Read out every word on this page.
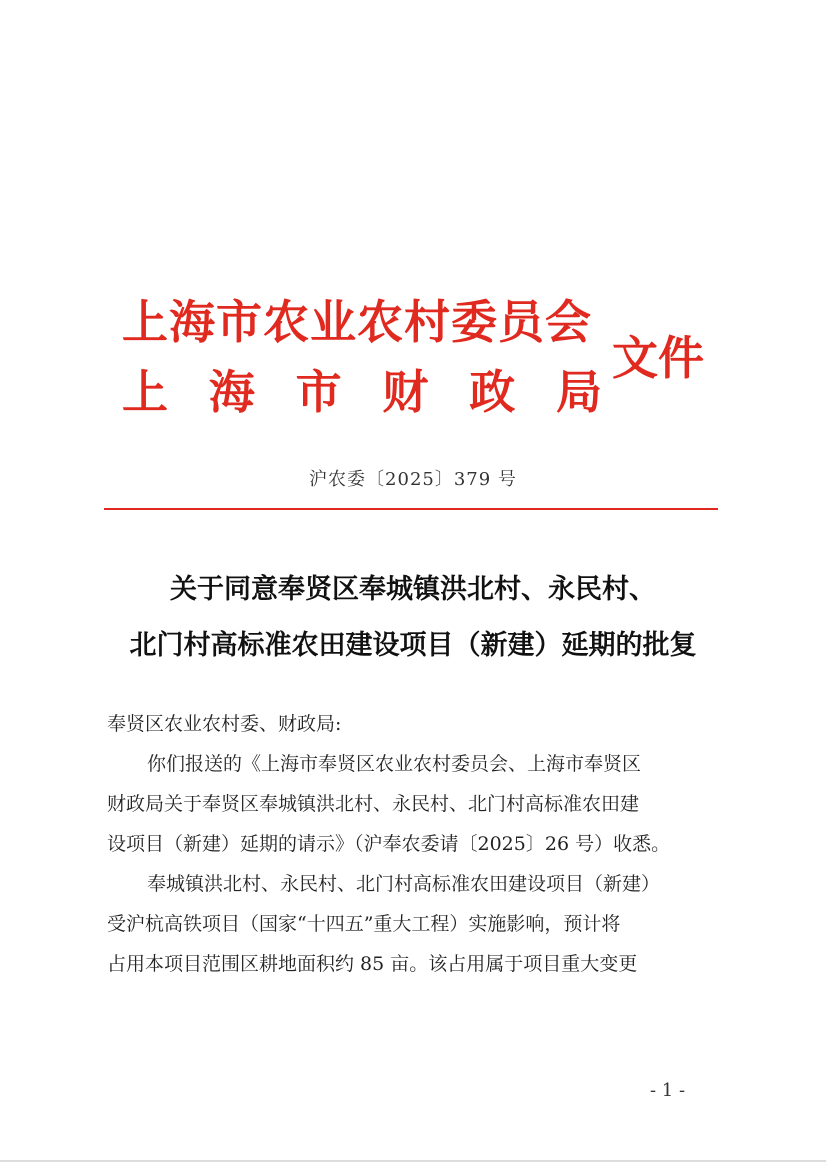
上海市农业农村委员会
上 海 市 财 政 局
文件
沪农委〔2025〕379 号
关于同意奉贤区奉城镇洪北村、永民村、
北门村高标准农田建设项目（新建）延期的批复

奉贤区农业农村委、财政局:

你们报送的《上海市奉贤区农业农村委员会、上海市奉贤区

财政局关于奉贤区奉城镇洪北村、永民村、北门村高标准农田建

设项目（新建）延期的请示》（沪奉农委请〔2025〕26 号）收悉。

奉城镇洪北村、永民村、北门村高标准农田建设项目（新建）

受沪杭高铁项目（国家“十四五”重大工程）实施影响，预计将

占用本项目范围区耕地面积约 85 亩。该占用属于项目重大变更

- 1 -
